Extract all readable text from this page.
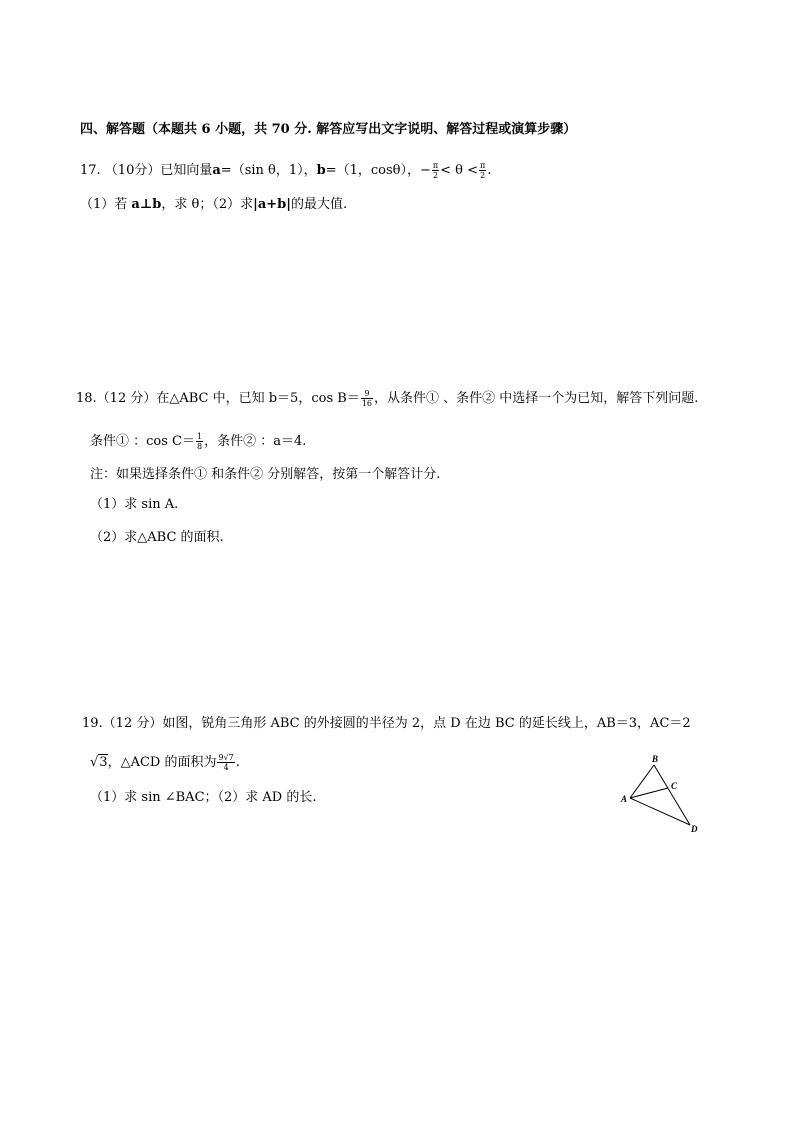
四、解答题（本题共 6 小题，共 70 分. 解答应写出文字说明、解答过程或演算步骤）
17. （10分）已知向量a=（sin θ，1），b=（1，cosθ），− $\frac{\pi}{2} < \theta < \frac{\pi}{2}$ .
（1）若 a⊥b，求 θ；（2）求|a+b|的最大值.
18.（12 分）在△ABC 中，已知 b＝5，$\cos B= \frac{9}{16}$ ，从条件① 、条件② 中选择一个为已知，解答下列问题.
条件① ：$\cos C= \frac{1}{8}$ ，条件② ：a＝4.
注：如果选择条件① 和条件② 分别解答，按第一个解答计分.
（1）求 sin A.
（2）求△ABC 的面积.
19.（12 分）如图，锐角三角形 ABC 的外接圆的半径为 2，点 D 在边 BC 的延长线上，AB＝3，AC＝2
√3，△ACD 的面积为 $\frac{9√7}{4}$ .
（1）求 sin ∠BAC；（2）求 AD 的长.	A
B
C
D
